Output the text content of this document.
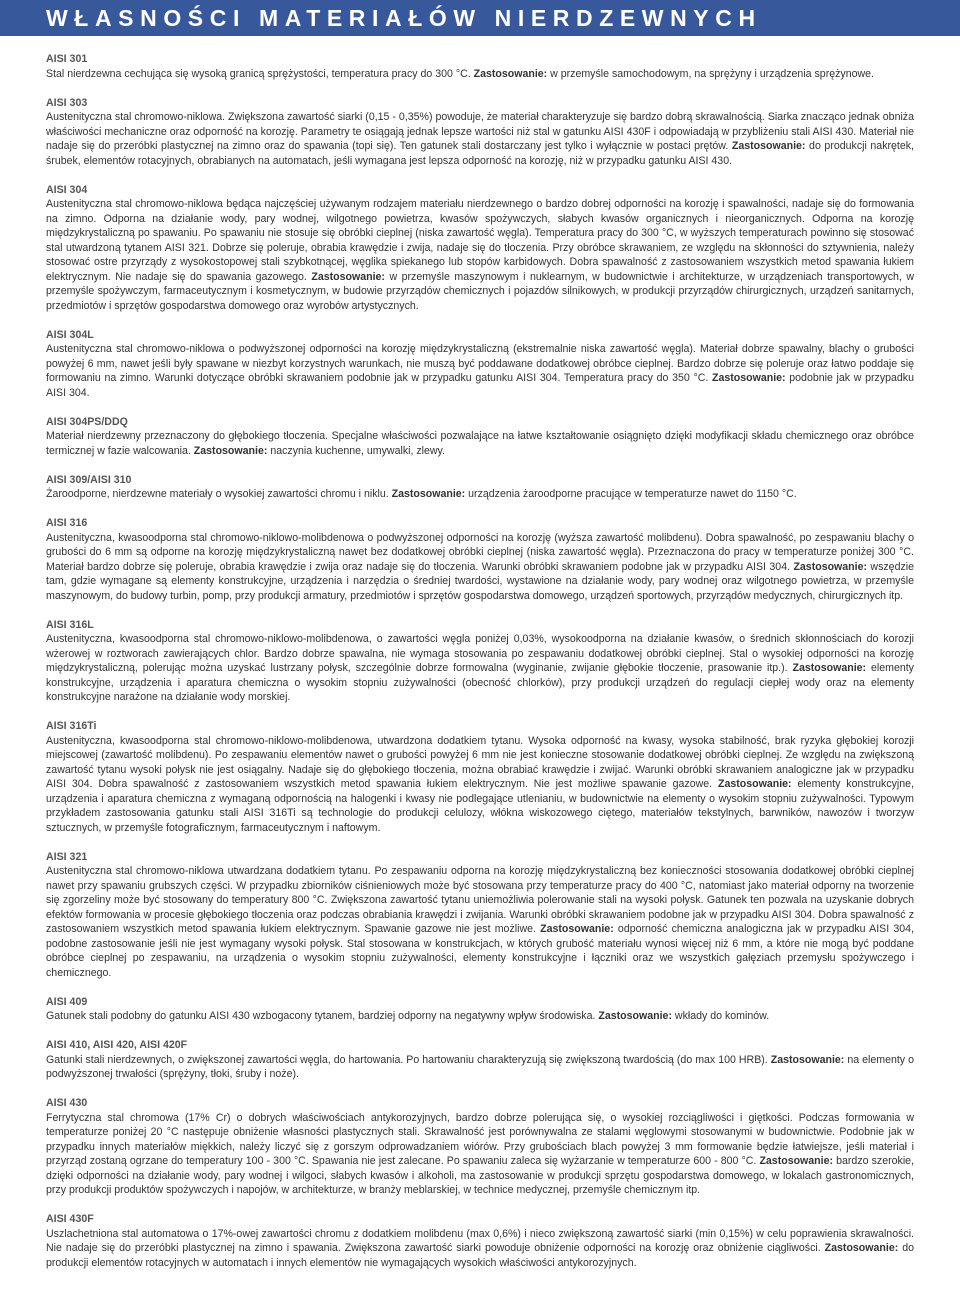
WŁASNOŚCI MATERIAŁÓW NIERDZEWNYCH
AISI 301

Stal nierdzewna cechująca się wysoką granicą sprężystości, temperatura pracy do 300 °C. Zastosowanie: w przemyśle samochodowym, na sprężyny i urządzenia sprężynowe.

AISI 303

Austenityczna stal chromowo-niklowa. Zwiększona zawartość siarki (0,15 - 0,35%) powoduje, że materiał charakteryzuje się bardzo dobrą skrawalnością. Siarka znacząco jednak obniża właściwości mechaniczne oraz odporność na korozję. Parametry te osiągają jednak lepsze wartości niż stal w gatunku AISI 430F i odpowiadają w przybliżeniu stali AISI 430. Materiał nie nadaje się do przeróbki plastycznej na zimno oraz do spawania (topi się). Ten gatunek stali dostarczany jest tylko i wyłącznie w postaci prętów. Zastosowanie: do produkcji nakrętek, śrubek, elementów rotacyjnych, obrabianych na automatach, jeśli wymagana jest lepsza odporność na korozję, niż w przypadku gatunku AISI 430.

AISI 304

Austenityczna stal chromowo-niklowa będąca najczęściej używanym rodzajem materiału nierdzewnego o bardzo dobrej odporności na korozję i spawalności, nadaje się do formowania na zimno. Odporna na działanie wody, pary wodnej, wilgotnego powietrza, kwasów spożywczych, słabych kwasów organicznych i nieorganicznych. Odporna na korozję międzykrystaliczną po spawaniu. Po spawaniu nie stosuje się obróbki cieplnej (niska zawartość węgla). Temperatura pracy do 300 °C, w wyższych temperaturach powinno się stosować stal utwardzoną tytanem AISI 321. Dobrze się poleruje, obrabia krawędzie i zwija, nadaje się do tłoczenia. Przy obróbce skrawaniem, ze względu na skłonności do sztywnienia, należy stosować ostre przyrządy z wysokostopowej stali szybkotnącej, węglika spiekanego lub stopów karbidowych. Dobra spawalność z zastosowaniem wszystkich metod spawania łukiem elektrycznym. Nie nadaje się do spawania gazowego. Zastosowanie: w przemyśle maszynowym i nuklearnym, w budownictwie i architekturze, w urządzeniach transportowych, w przemyśle spożywczym, farmaceutycznym i kosmetycznym, w budowie przyrządów chemicznych i pojazdów silnikowych, w produkcji przyrządów chirurgicznych, urządzeń sanitarnych, przedmiotów i sprzętów gospodarstwa domowego oraz wyrobów artystycznych.

AISI 304L

Austenityczna stal chromowo-niklowa o podwyższonej odporności na korozję międzykrystaliczną (ekstremalnie niska zawartość węgla). Materiał dobrze spawalny, blachy o grubości powyżej 6 mm, nawet jeśli były spawane w niezbyt korzystnych warunkach, nie muszą być poddawane dodatkowej obróbce cieplnej. Bardzo dobrze się poleruje oraz łatwo poddaje się formowaniu na zimno. Warunki dotyczące obróbki skrawaniem podobnie jak w przypadku gatunku AISI 304. Temperatura pracy do 350 °C. Zastosowanie: podobnie jak w przypadku AISI 304.

AISI 304PS/DDQ

Materiał nierdzewny przeznaczony do głębokiego tłoczenia. Specjalne właściwości pozwalające na łatwe kształtowanie osiągnięto dzięki modyfikacji składu chemicznego oraz obróbce termicznej w fazie walcowania. Zastosowanie: naczynia kuchenne, umywalki, zlewy.

AISI 309/AISI 310

Żaroodporne, nierdzewne materiały o wysokiej zawartości chromu i niklu. Zastosowanie: urządzenia żaroodporne pracujące w temperaturze nawet do 1150 °C.

AISI 316

Austenityczna, kwasoodporna stal chromowo-niklowo-molibdenowa o podwyższonej odporności na korozję (wyższa zawartość molibdenu). Dobra spawalność, po zespawaniu blachy o grubości do 6 mm są odporne na korozję międzykrystaliczną nawet bez dodatkowej obróbki cieplnej (niska zawartość węgla). Przeznaczona do pracy w temperaturze poniżej 300 °C. Materiał bardzo dobrze się poleruje, obrabia krawędzie i zwija oraz nadaje się do tłoczenia. Warunki obróbki skrawaniem podobne jak w przypadku AISI 304. Zastosowanie: wszędzie tam, gdzie wymagane są elementy konstrukcyjne, urządzenia i narzędzia o średniej twardości, wystawione na działanie wody, pary wodnej oraz wilgotnego powietrza, w przemyśle maszynowym, do budowy turbin, pomp, przy produkcji armatury, przedmiotów i sprzętów gospodarstwa domowego, urządzeń sportowych, przyrządów medycznych, chirurgicznych itp.

AISI 316L

Austenityczna, kwasoodporna stal chromowo-niklowo-molibdenowa, o zawartości węgla poniżej 0,03%, wysokoodporna na działanie kwasów, o średnich skłonnościach do korozji wżerowej w roztworach zawierających chlor. Bardzo dobrze spawalna, nie wymaga stosowania po zespawaniu dodatkowej obróbki cieplnej. Stal o wysokiej odporności na korozję międzykrystaliczną, polerując można uzyskać lustrzany połysk, szczególnie dobrze formowalna (wyginanie, zwijanie głębokie tłoczenie, prasowanie itp.). Zastosowanie: elementy konstrukcyjne, urządzenia i aparatura chemiczna o wysokim stopniu zużywalności (obecność chlorków), przy produkcji urządzeń do regulacji ciepłej wody oraz na elementy konstrukcyjne narażone na działanie wody morskiej.

AISI 316Ti

Austenityczna, kwasoodporna stal chromowo-niklowo-molibdenowa, utwardzona dodatkiem tytanu. Wysoka odporność na kwasy, wysoka stabilność, brak ryzyka głębokiej korozji miejscowej (zawartość molibdenu). Po zespawaniu elementów nawet o grubości powyżej 6 mm nie jest konieczne stosowanie dodatkowej obróbki cieplnej. Ze względu na zwiększoną zawartość tytanu wysoki połysk nie jest osiągalny. Nadaje się do głębokiego tłoczenia, można obrabiać krawędzie i zwijać. Warunki obróbki skrawaniem analogiczne jak w przypadku AISI 304. Dobra spawalność z zastosowaniem wszystkich metod spawania łukiem elektrycznym. Nie jest możliwe spawanie gazowe. Zastosowanie: elementy konstrukcyjne, urządzenia i aparatura chemiczna z wymaganą odpornością na halogenki i kwasy nie podlegające utlenianiu, w budownictwie na elementy o wysokim stopniu zużywalności. Typowym przykładem zastosowania gatunku stali AISI 316Ti są technologie do produkcji celulozy, włókna wiskozowego ciętego, materiałów tekstylnych, barwników, nawozów i tworzyw sztucznych, w przemyśle fotograficznym, farmaceutycznym i naftowym.

AISI 321

Austenityczna stal chromowo-niklowa utwardzana dodatkiem tytanu. Po zespawaniu odporna na korozję międzykrystaliczną bez konieczności stosowania dodatkowej obróbki cieplnej nawet przy spawaniu grubszych części. W przypadku zbiorników ciśnieniowych może być stosowana przy temperaturze pracy do 400 °C, natomiast jako materiał odporny na tworzenie się zgorzeliny może być stosowany do temperatury 800 °C. Zwiększona zawartość tytanu uniemożliwia polerowanie stali na wysoki połysk. Gatunek ten pozwala na uzyskanie dobrych efektów formowania w procesie głębokiego tłoczenia oraz podczas obrabiania krawędzi i zwijania. Warunki obróbki skrawaniem podobne jak w przypadku AISI 304. Dobra spawalność z zastosowaniem wszystkich metod spawania łukiem elektrycznym. Spawanie gazowe nie jest możliwe. Zastosowanie: odporność chemiczna analogiczna jak w przypadku AISI 304, podobne zastosowanie jeśli nie jest wymagany wysoki połysk. Stal stosowana w konstrukcjach, w których grubość materiału wynosi więcej niż 6 mm, a które nie mogą być poddane obróbce cieplnej po zespawaniu, na urządzenia o wysokim stopniu zużywalności, elementy konstrukcyjne i łączniki oraz we wszystkich gałęziach przemysłu spożywczego i chemicznego.

AISI 409

Gatunek stali podobny do gatunku AISI 430 wzbogacony tytanem, bardziej odporny na negatywny wpływ środowiska. Zastosowanie: wkłady do kominów.

AISI 410, AISI 420, AISI 420F

Gatunki stali nierdzewnych, o zwiększonej zawartości węgla, do hartowania. Po hartowaniu charakteryzują się zwiększoną twardością (do max 100 HRB). Zastosowanie: na elementy o podwyższonej trwałości (sprężyny, tłoki, śruby i noże).

AISI 430

Ferrytyczna stal chromowa (17% Cr) o dobrych właściwościach antykorozyjnych, bardzo dobrze polerująca się, o wysokiej rozciągliwości i giętkości. Podczas formowania w temperaturze poniżej 20 °C następuje obniżenie własności plastycznych stali. Skrawalność jest porównywalna ze stalami węglowymi stosowanymi w budownictwie. Podobnie jak w przypadku innych materiałów miękkich, należy liczyć się z gorszym odprowadzaniem wiórów. Przy grubościach blach powyżej 3 mm formowanie będzie łatwiejsze, jeśli materiał i przyrząd zostaną ogrzane do temperatury 100 - 300 °C. Spawania nie jest zalecane. Po spawaniu zaleca się wyżarzanie w temperaturze 600 - 800 °C. Zastosowanie: bardzo szerokie, dzięki odporności na działanie wody, pary wodnej i wilgoci, słabych kwasów i alkoholi, ma zastosowanie w produkcji sprzętu gospodarstwa domowego, w lokalach gastronomicznych, przy produkcji produktów spożywczych i napojów, w architekturze, w branży meblarskiej, w technice medycznej, przemyśle chemicznym itp.

AISI 430F

Uszlachetniona stal automatowa o 17%-owej zawartości chromu z dodatkiem molibdenu (max 0,6%) i nieco zwiększoną zawartość siarki (min 0,15%) w celu poprawienia skrawalności. Nie nadaje się do przeróbki plastycznej na zimno i spawania. Zwiększona zawartość siarki powoduje obniżenie odporności na korozję oraz obniżenie ciągliwości. Zastosowanie: do produkcji elementów rotacyjnych w automatach i innych elementów nie wymagających wysokich właściwości antykorozyjnych.
